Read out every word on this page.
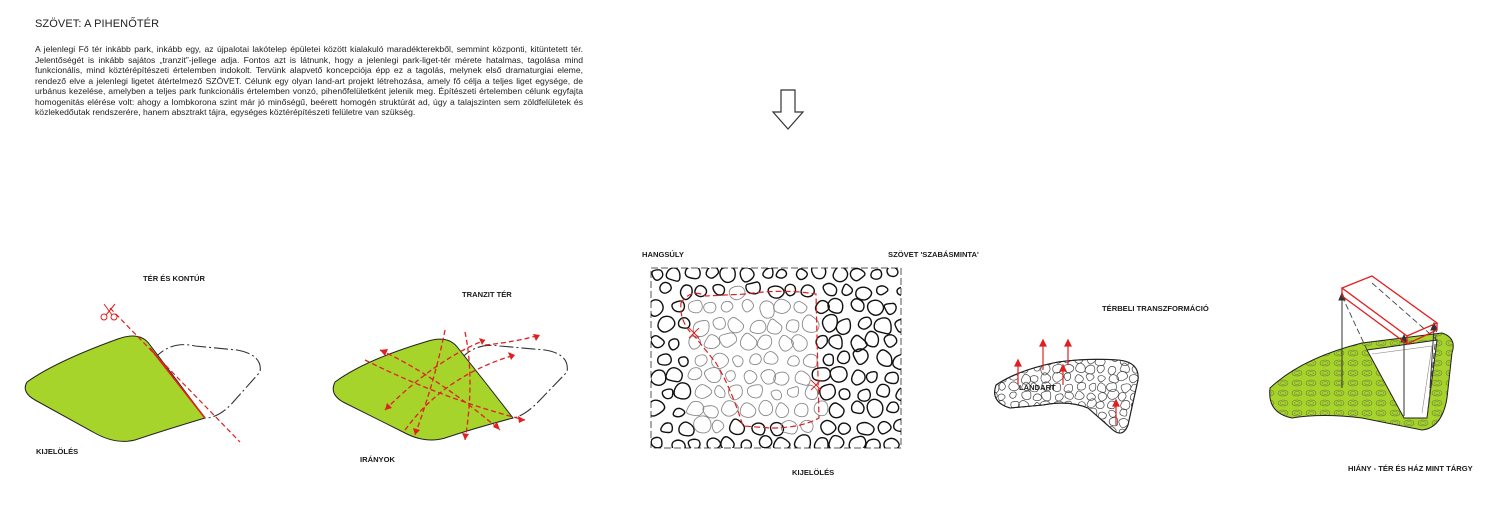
SZÖVET: A PIHENŐTÉR
A jelenlegi Fő tér inkább park, inkább egy, az újpalotai lakótelep épületei között kialakuló maradékterekből, semmint központi, kitüntetett tér. Jelentőségét is inkább sajátos „tranzit”-jellege adja. Fontos azt is látnunk, hogy a jelenlegi park-liget-tér mérete hatalmas, tagolása mind funkcionális, mind köztérépítészeti értelemben indokolt. Tervünk alapvető koncepciója épp ez a tagolás, melynek első dramaturgiai eleme, rendező elve a jelenlegi ligetet átértelmező SZÖVET. Célunk egy olyan land-art projekt létrehozása, amely fő célja a teljes liget egysége, de urbánus kezelése, amelyben a teljes park funkcionális értelemben vonzó, pihenőfelületként jelenik meg. Építészeti értelemben célunk egyfajta homogenitás elérése volt: ahogy a lombkorona szint már jó minőségű, beérett homogén struktúrát ad, úgy a talajszinten sem zöldfelületek és közlekedőutak rendszerére, hanem absztrakt tájra, egységes köztérépítészeti felületre van szükség.
TÉR ÉS KONTÚR
KIJELÖLÉS
TRANZIT TÉR
IRÁNYOK
HANGSÚLY	SZÖVET 'SZABÁSMINTA'
KIJELÖLÉS
TÉRBELI TRANSZFORMÁCIÓ
LANDART
HIÁNY - TÉR ÉS HÁZ MINT TÁRGY
